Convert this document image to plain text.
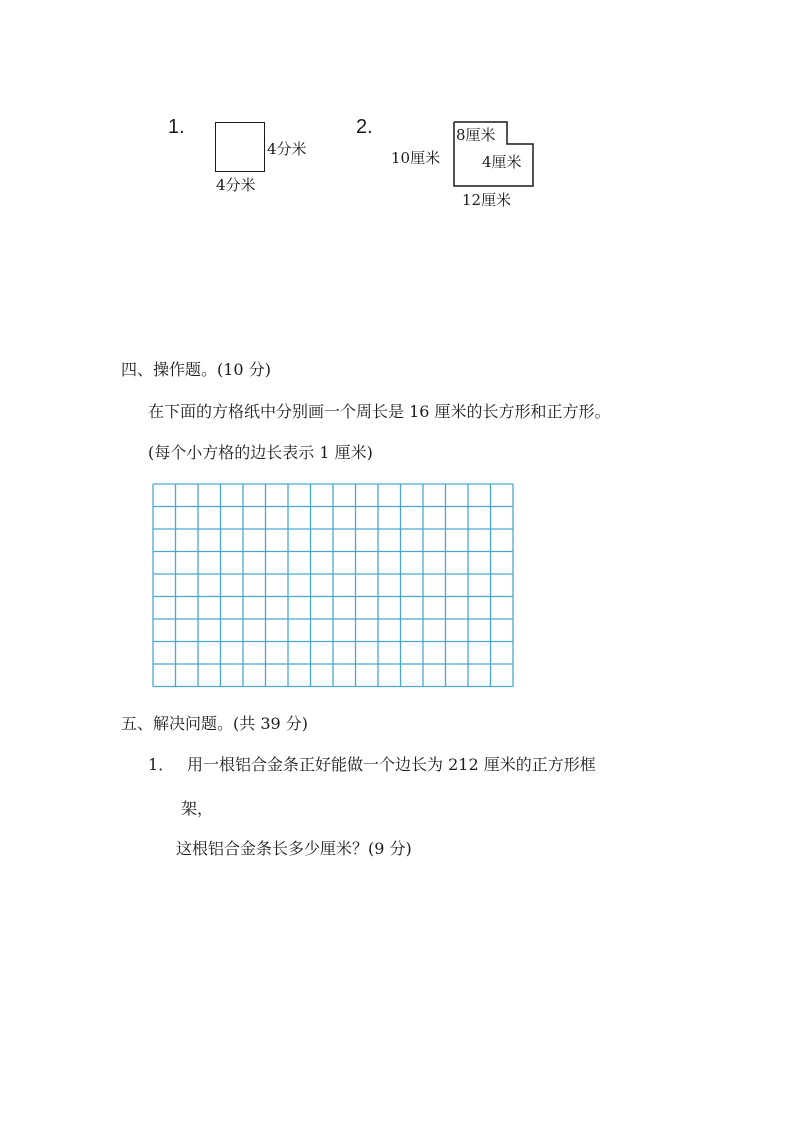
1.
4分米
4分米
2.
10厘米
8厘米
4厘米
12厘米
四、操作题。(10 分)
在下面的方格纸中分别画一个周长是 16 厘米的长方形和正方形。
(每个小方格的边长表示 1 厘米)
五、解决问题。(共 39 分)
1． 用一根铝合金条正好能做一个边长为 212 厘米的正方形框
架，
这根铝合金条长多少厘米？(9 分)
